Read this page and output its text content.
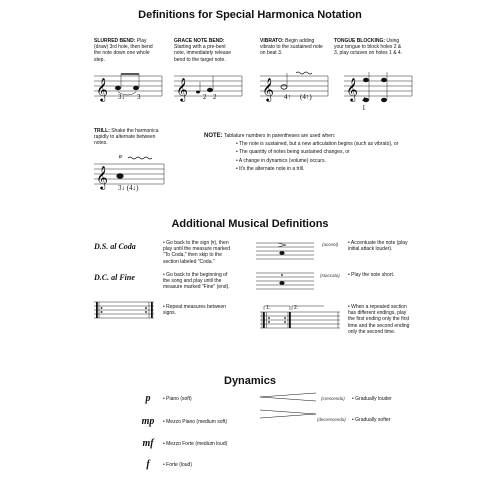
Definitions for Special Harmonica Notation
SLURRED BEND: Play (draw) 3rd hole, then bend the note down one whole step.
GRACE NOTE BEND: Starting with a pre-bent note, immediately release bend to the target note.
VIBRATO: Begin adding vibrato to the sustained note on beat 3.
TONGUE BLOCKING: Using your tongue to block holes 2 & 3, play octaves on holes 1 & 4.
𝄞	𝄞	𝄞	𝄞
3↓ 3	2 2	4↑ (4↑)	4
1
TRILL: Shake the harmonica rapidly to alternate between notes.
𝄞
tr
3↓ (4↓)
NOTE: Tablature numbers in parentheses are used when:
• The note is sustained, but a new articulation begins (such as vibrato), or
• The quantity of notes being sustained changes, or
• A change in dynamics (volume) occurs.
• It's the alternate note in a trill.
Additional Musical Definitions
D.S. al Coda	• Go back to the sign (𝄋), then play until the measure marked "To Coda," then skip to the section labeled "Coda."
D.C. al Fine	• Go back to the beginning of the song and play until the measure marked "Fine" (end).
• Repeat measures between signs.
(accent)	• Accentuate the note (play initial attack louder).
(staccato)	• Play the note short.
1.	2.	• When a repeated section has different endings, play the first ending only the first time and the second ending only the second time.
Dynamics
p	• Piano (soft)
mp	• Mezzo Piano (medium soft)
mf	• Mezzo Forte (medium loud)
f	• Forte (loud)
(crescendo)	• Gradually louder
(decrescendo)	• Gradually softer
